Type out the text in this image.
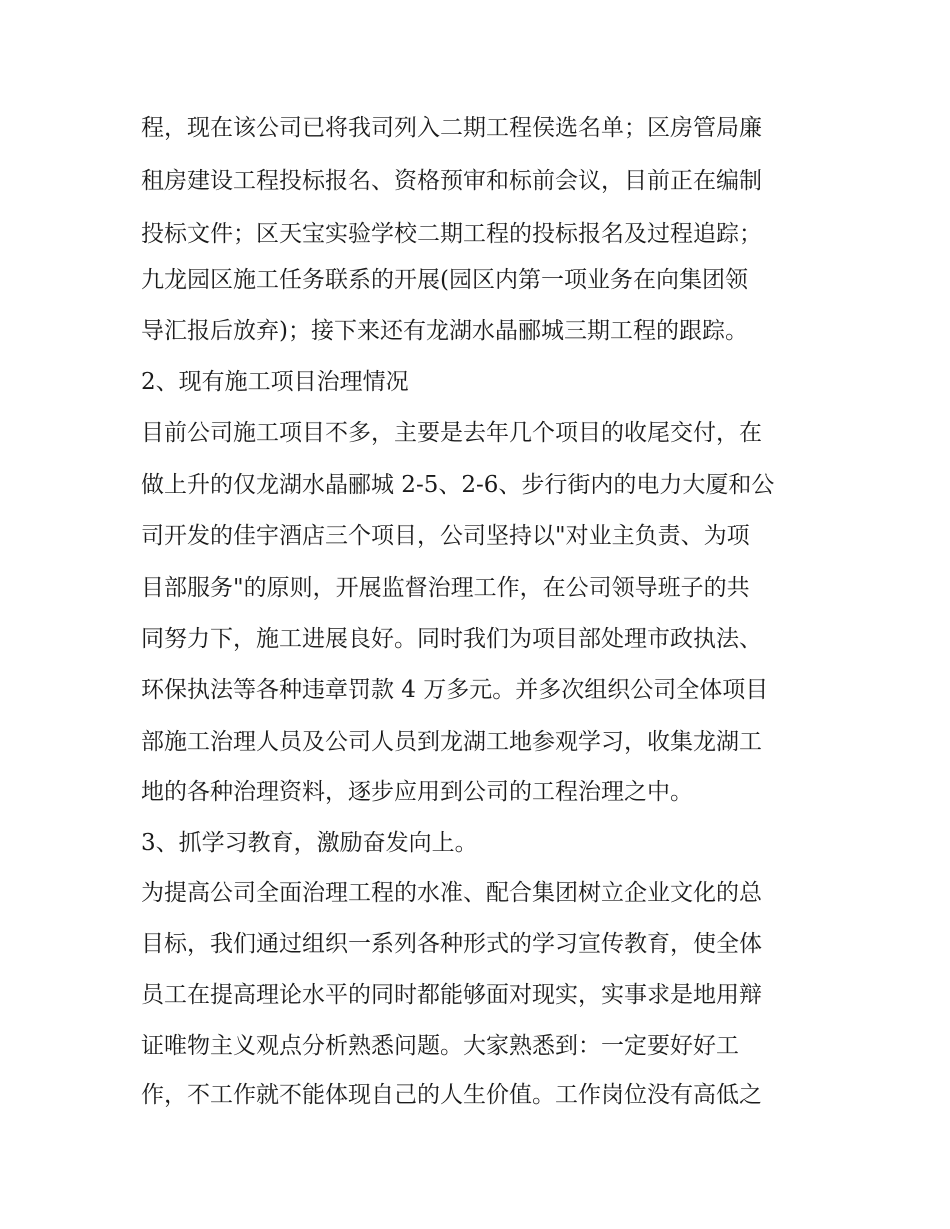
程，现在该公司已将我司列入二期工程侯选名单；区房管局廉
租房建设工程投标报名、资格预审和标前会议，目前正在编制
投标文件；区天宝实验学校二期工程的投标报名及过程追踪；
九龙园区施工任务联系的开展(园区内第一项业务在向集团领
导汇报后放弃)；接下来还有龙湖水晶郦城三期工程的跟踪。
2、现有施工项目治理情况
目前公司施工项目不多，主要是去年几个项目的收尾交付，在
做上升的仅龙湖水晶郦城 2-5、2-6、步行街内的电力大厦和公
司开发的佳宇酒店三个项目，公司坚持以"对业主负责、为项
目部服务"的原则，开展监督治理工作，在公司领导班子的共
同努力下，施工进展良好。同时我们为项目部处理市政执法、
环保执法等各种违章罚款 4 万多元。并多次组织公司全体项目
部施工治理人员及公司人员到龙湖工地参观学习，收集龙湖工
地的各种治理资料，逐步应用到公司的工程治理之中。
3、抓学习教育，激励奋发向上。
为提高公司全面治理工程的水准、配合集团树立企业文化的总
目标，我们通过组织一系列各种形式的学习宣传教育，使全体
员工在提高理论水平的同时都能够面对现实，实事求是地用辩
证唯物主义观点分析熟悉问题。大家熟悉到：一定要好好工
作，不工作就不能体现自己的人生价值。工作岗位没有高低之
